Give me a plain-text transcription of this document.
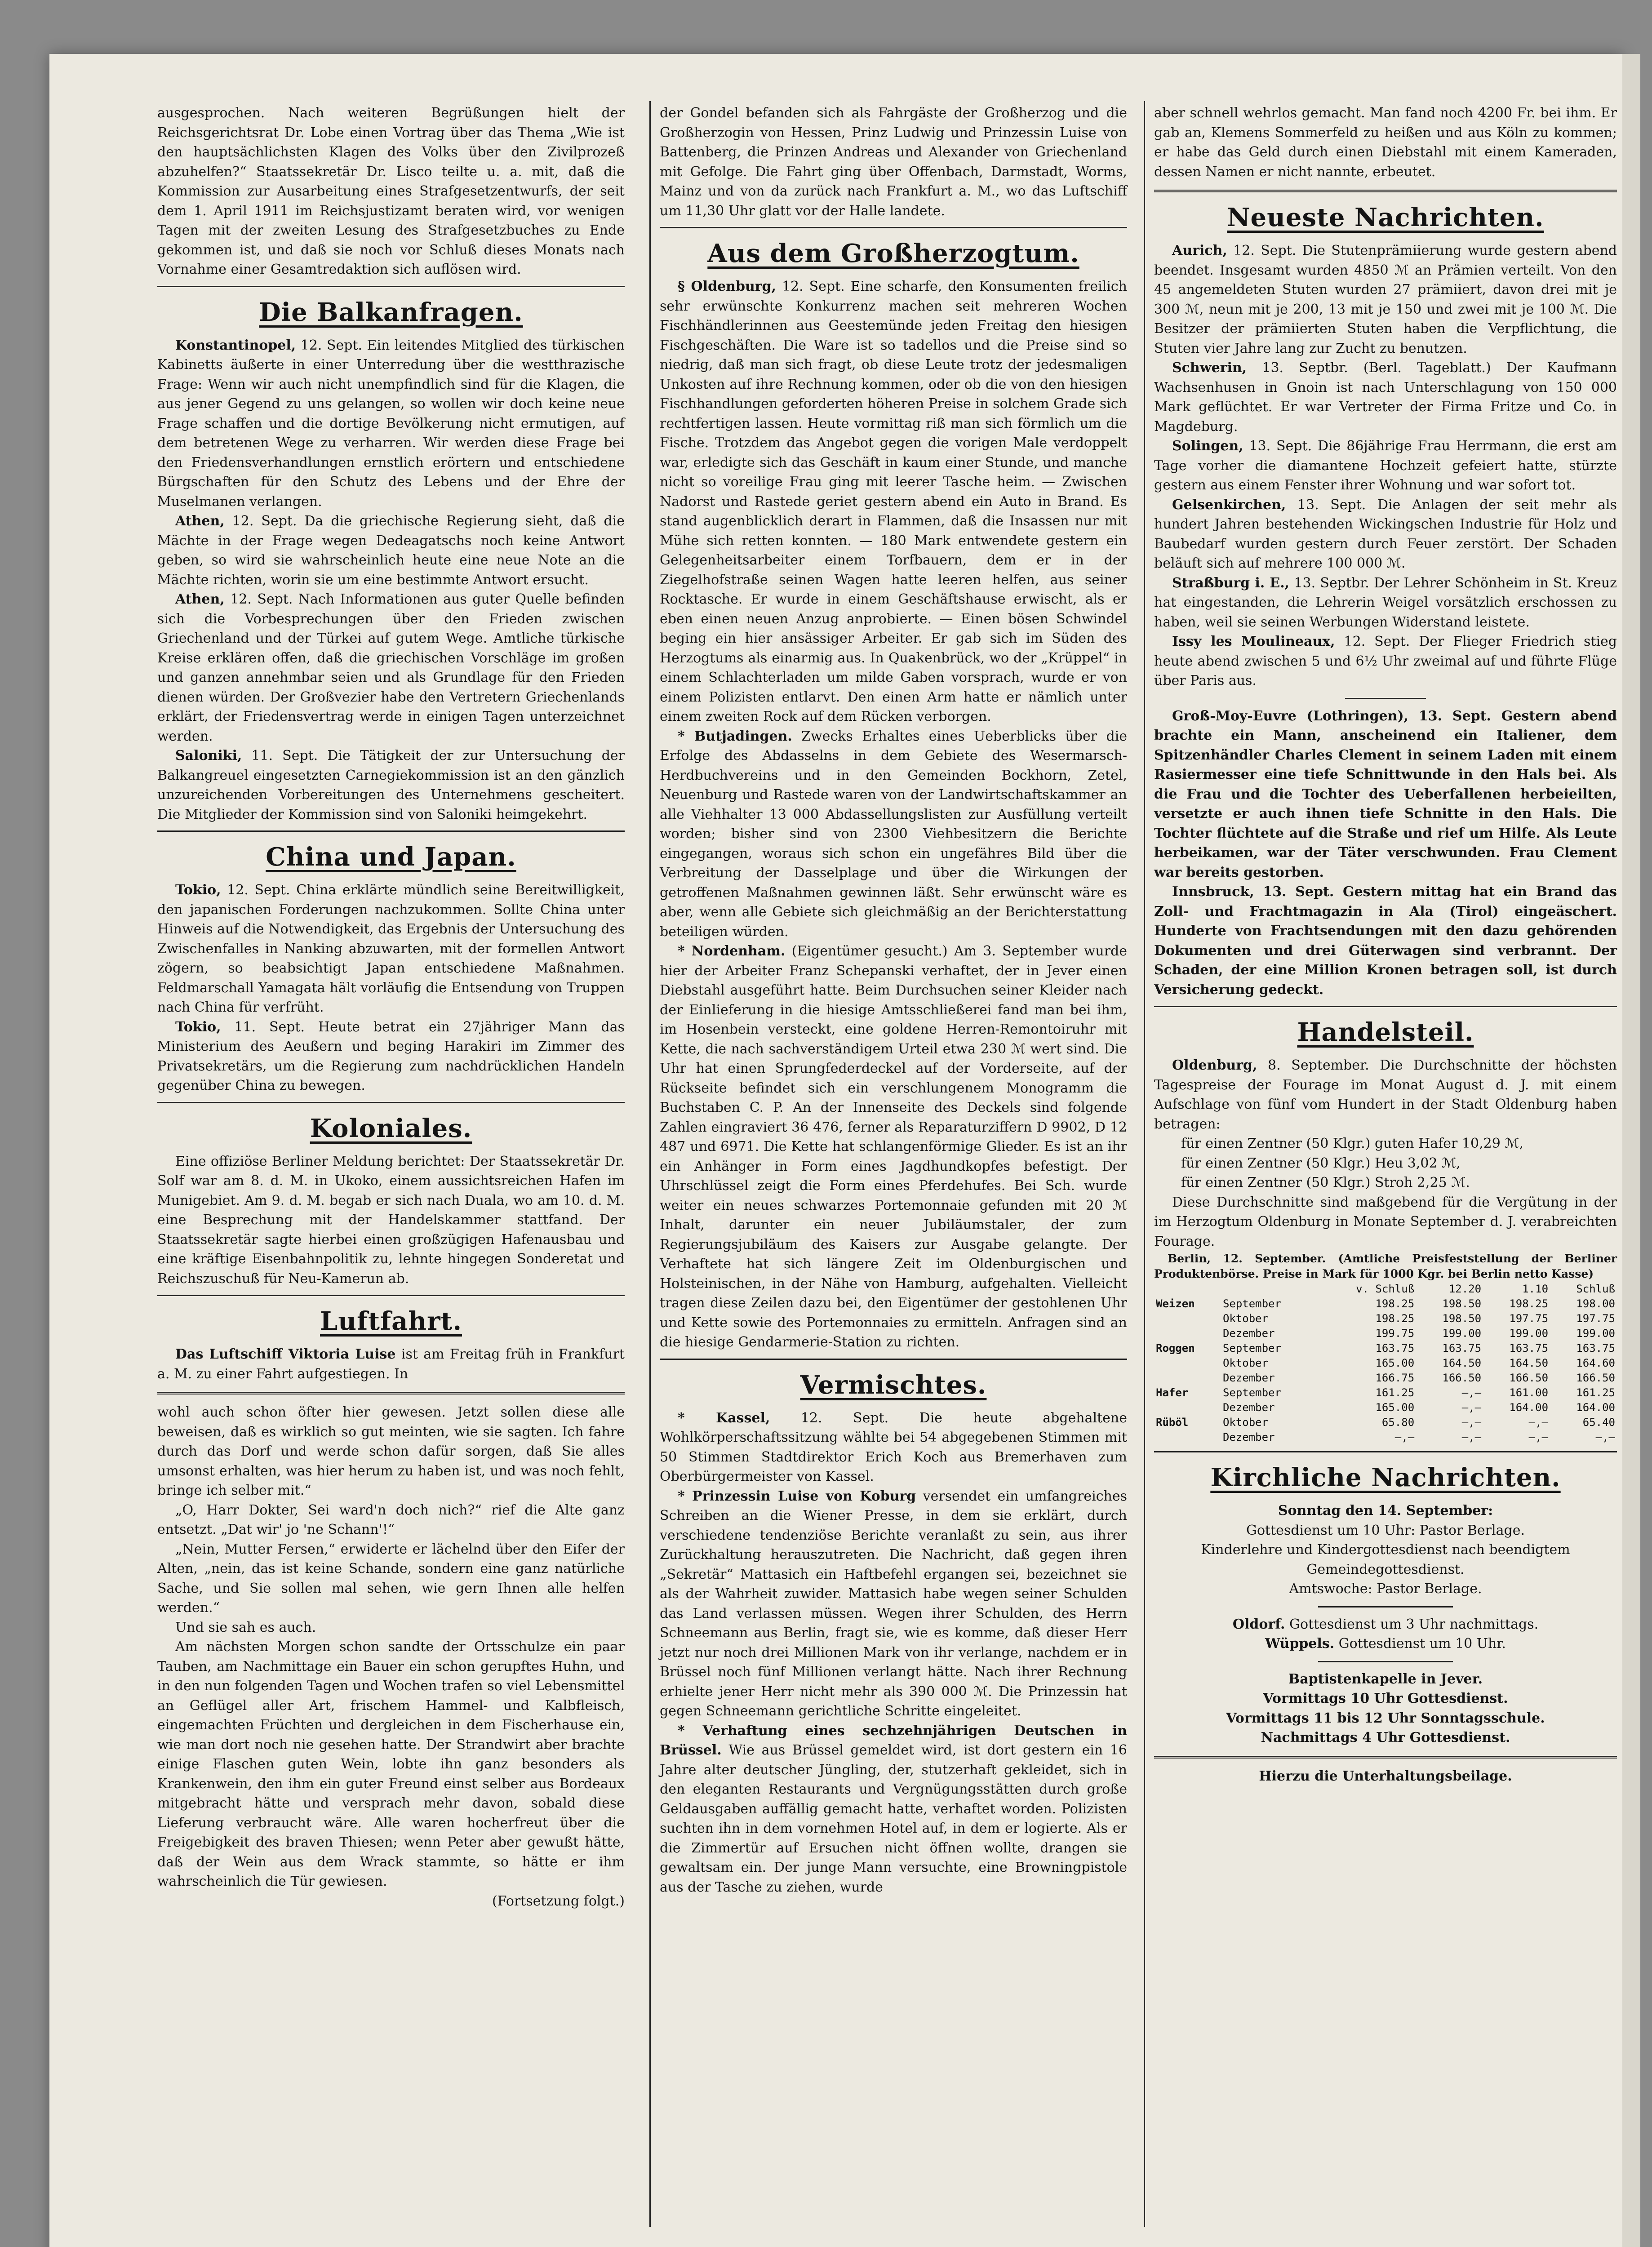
ausgesprochen. Nach weiteren Begrüßungen hielt der Reichsgerichtsrat Dr. Lobe einen Vortrag über das Thema „Wie ist den hauptsächlichsten Klagen des Volks über den Zivilprozeß abzuhelfen?“ Staatssekretär Dr. Lisco teilte u. a. mit, daß die Kommission zur Ausarbeitung eines Strafgesetzentwurfs, der seit dem 1. April 1911 im Reichsjustizamt beraten wird, vor wenigen Tagen mit der zweiten Lesung des Strafgesetzbuches zu Ende gekommen ist, und daß sie noch vor Schluß dieses Monats nach Vornahme einer Gesamtredaktion sich auflösen wird.

Die Balkanfragen.

Konstantinopel, 12. Sept. Ein leitendes Mitglied des türkischen Kabinetts äußerte in einer Unterredung über die westthrazische Frage: Wenn wir auch nicht unempfindlich sind für die Klagen, die aus jener Gegend zu uns gelangen, so wollen wir doch keine neue Frage schaffen und die dortige Bevölkerung nicht ermutigen, auf dem betretenen Wege zu verharren. Wir werden diese Frage bei den Friedensverhandlungen ernstlich erörtern und entschiedene Bürgschaften für den Schutz des Lebens und der Ehre der Muselmanen verlangen.

Athen, 12. Sept. Da die griechische Regierung sieht, daß die Mächte in der Frage wegen Dedeagatschs noch keine Antwort geben, so wird sie wahrscheinlich heute eine neue Note an die Mächte richten, worin sie um eine bestimmte Antwort ersucht.

Athen, 12. Sept. Nach Informationen aus guter Quelle befinden sich die Vorbesprechungen über den Frieden zwischen Griechenland und der Türkei auf gutem Wege. Amtliche türkische Kreise erklären offen, daß die griechischen Vorschläge im großen und ganzen annehmbar seien und als Grundlage für den Frieden dienen würden. Der Großvezier habe den Vertretern Griechenlands erklärt, der Friedensvertrag werde in einigen Tagen unterzeichnet werden.

Saloniki, 11. Sept. Die Tätigkeit der zur Untersuchung der Balkangreuel eingesetzten Carnegiekommission ist an den gänzlich unzureichenden Vorbereitungen des Unternehmens gescheitert. Die Mitglieder der Kommission sind von Saloniki heimgekehrt.

China und Japan.

Tokio, 12. Sept. China erklärte mündlich seine Bereitwilligkeit, den japanischen Forderungen nachzukommen. Sollte China unter Hinweis auf die Notwendigkeit, das Ergebnis der Untersuchung des Zwischenfalles in Nanking abzuwarten, mit der formellen Antwort zögern, so beabsichtigt Japan entschiedene Maßnahmen. Feldmarschall Yamagata hält vorläufig die Entsendung von Truppen nach China für verfrüht.

Tokio, 11. Sept. Heute betrat ein 27jähriger Mann das Ministerium des Aeußern und beging Harakiri im Zimmer des Privatsekretärs, um die Regierung zum nachdrücklichen Handeln gegenüber China zu bewegen.

Koloniales.

Eine offiziöse Berliner Meldung berichtet: Der Staatssekretär Dr. Solf war am 8. d. M. in Ukoko, einem aussichtsreichen Hafen im Munigebiet. Am 9. d. M. begab er sich nach Duala, wo am 10. d. M. eine Besprechung mit der Handelskammer stattfand. Der Staatssekretär sagte hierbei einen großzügigen Hafenausbau und eine kräftige Eisenbahnpolitik zu, lehnte hingegen Sonderetat und Reichszuschuß für Neu-Kamerun ab.

Luftfahrt.

Das Luftschiff Viktoria Luise ist am Freitag früh in Frankfurt a. M. zu einer Fahrt aufgestiegen. In

wohl auch schon öfter hier gewesen. Jetzt sollen diese alle beweisen, daß es wirklich so gut meinten, wie sie sagten. Ich fahre durch das Dorf und werde schon dafür sorgen, daß Sie alles umsonst erhalten, was hier herum zu haben ist, und was noch fehlt, bringe ich selber mit.“

„O, Harr Dokter, Sei ward'n doch nich?“ rief die Alte ganz entsetzt. „Dat wir' jo 'ne Schann'!“

„Nein, Mutter Fersen,“ erwiderte er lächelnd über den Eifer der Alten, „nein, das ist keine Schande, sondern eine ganz natürliche Sache, und Sie sollen mal sehen, wie gern Ihnen alle helfen werden.“

Und sie sah es auch.

Am nächsten Morgen schon sandte der Ortsschulze ein paar Tauben, am Nachmittage ein Bauer ein schon gerupftes Huhn, und in den nun folgenden Tagen und Wochen trafen so viel Lebensmittel an Geflügel aller Art, frischem Hammel- und Kalbfleisch, eingemachten Früchten und dergleichen in dem Fischerhause ein, wie man dort noch nie gesehen hatte. Der Strandwirt aber brachte einige Flaschen guten Wein, lobte ihn ganz besonders als Krankenwein, den ihm ein guter Freund einst selber aus Bordeaux mitgebracht hätte und versprach mehr davon, sobald diese Lieferung verbraucht wäre. Alle waren hocherfreut über die Freigebigkeit des braven Thiesen; wenn Peter aber gewußt hätte, daß der Wein aus dem Wrack stammte, so hätte er ihm wahrscheinlich die Tür gewiesen.

(Fortsetzung folgt.)

der Gondel befanden sich als Fahrgäste der Großherzog und die Großherzogin von Hessen, Prinz Ludwig und Prinzessin Luise von Battenberg, die Prinzen Andreas und Alexander von Griechenland mit Gefolge. Die Fahrt ging über Offenbach, Darmstadt, Worms, Mainz und von da zurück nach Frankfurt a. M., wo das Luftschiff um 11,30 Uhr glatt vor der Halle landete.

Aus dem Großherzogtum.

§ Oldenburg, 12. Sept. Eine scharfe, den Konsumenten freilich sehr erwünschte Konkurrenz machen seit mehreren Wochen Fischhändlerinnen aus Geestemünde jeden Freitag den hiesigen Fischgeschäften. Die Ware ist so tadellos und die Preise sind so niedrig, daß man sich fragt, ob diese Leute trotz der jedesmaligen Unkosten auf ihre Rechnung kommen, oder ob die von den hiesigen Fischhandlungen geforderten höheren Preise in solchem Grade sich rechtfertigen lassen. Heute vormittag riß man sich förmlich um die Fische. Trotzdem das Angebot gegen die vorigen Male verdoppelt war, erledigte sich das Geschäft in kaum einer Stunde, und manche nicht so voreilige Frau ging mit leerer Tasche heim. — Zwischen Nadorst und Rastede geriet gestern abend ein Auto in Brand. Es stand augenblicklich derart in Flammen, daß die Insassen nur mit Mühe sich retten konnten. — 180 Mark entwendete gestern ein Gelegenheitsarbeiter einem Torfbauern, dem er in der Ziegelhofstraße seinen Wagen hatte leeren helfen, aus seiner Rocktasche. Er wurde in einem Geschäftshause erwischt, als er eben einen neuen Anzug anprobierte. — Einen bösen Schwindel beging ein hier ansässiger Arbeiter. Er gab sich im Süden des Herzogtums als einarmig aus. In Quakenbrück, wo der „Krüppel“ in einem Schlachterladen um milde Gaben vorsprach, wurde er von einem Polizisten entlarvt. Den einen Arm hatte er nämlich unter einem zweiten Rock auf dem Rücken verborgen.

* Butjadingen. Zwecks Erhaltes eines Ueberblicks über die Erfolge des Abdasselns in dem Gebiete des Wesermarsch-Herdbuchvereins und in den Gemeinden Bockhorn, Zetel, Neuenburg und Rastede waren von der Landwirtschaftskammer an alle Viehhalter 13 000 Abdassellungslisten zur Ausfüllung verteilt worden; bisher sind von 2300 Viehbesitzern die Berichte eingegangen, woraus sich schon ein ungefähres Bild über die Verbreitung der Dasselplage und über die Wirkungen der getroffenen Maßnahmen gewinnen läßt. Sehr erwünscht wäre es aber, wenn alle Gebiete sich gleichmäßig an der Berichterstattung beteiligen würden.

* Nordenham. (Eigentümer gesucht.) Am 3. September wurde hier der Arbeiter Franz Schepanski verhaftet, der in Jever einen Diebstahl ausgeführt hatte. Beim Durchsuchen seiner Kleider nach der Einlieferung in die hiesige Amtsschließerei fand man bei ihm, im Hosenbein versteckt, eine goldene Herren-Remontoiruhr mit Kette, die nach sachverständigem Urteil etwa 230 ℳ wert sind. Die Uhr hat einen Sprungfederdeckel auf der Vorderseite, auf der Rückseite befindet sich ein verschlungenem Monogramm die Buchstaben C. P. An der Innenseite des Deckels sind folgende Zahlen eingraviert 36 476, ferner als Reparaturziffern D 9902, D 12 487 und 6971. Die Kette hat schlangenförmige Glieder. Es ist an ihr ein Anhänger in Form eines Jagdhundkopfes befestigt. Der Uhrschlüssel zeigt die Form eines Pferdehufes. Bei Sch. wurde weiter ein neues schwarzes Portemonnaie gefunden mit 20 ℳ Inhalt, darunter ein neuer Jubiläumstaler, der zum Regierungsjubiläum des Kaisers zur Ausgabe gelangte. Der Verhaftete hat sich längere Zeit im Oldenburgischen und Holsteinischen, in der Nähe von Hamburg, aufgehalten. Vielleicht tragen diese Zeilen dazu bei, den Eigentümer der gestohlenen Uhr und Kette sowie des Portemonnaies zu ermitteln. Anfragen sind an die hiesige Gendarmerie-Station zu richten.

Vermischtes.

* Kassel, 12. Sept. Die heute abgehaltene Wohlkörperschaftssitzung wählte bei 54 abgegebenen Stimmen mit 50 Stimmen Stadtdirektor Erich Koch aus Bremerhaven zum Oberbürgermeister von Kassel.

* Prinzessin Luise von Koburg versendet ein umfangreiches Schreiben an die Wiener Presse, in dem sie erklärt, durch verschiedene tendenziöse Berichte veranlaßt zu sein, aus ihrer Zurückhaltung herauszutreten. Die Nachricht, daß gegen ihren „Sekretär“ Mattasich ein Haftbefehl ergangen sei, bezeichnet sie als der Wahrheit zuwider. Mattasich habe wegen seiner Schulden das Land verlassen müssen. Wegen ihrer Schulden, des Herrn Schneemann aus Berlin, fragt sie, wie es komme, daß dieser Herr jetzt nur noch drei Millionen Mark von ihr verlange, nachdem er in Brüssel noch fünf Millionen verlangt hätte. Nach ihrer Rechnung erhielte jener Herr nicht mehr als 390 000 ℳ. Die Prinzessin hat gegen Schneemann gerichtliche Schritte eingeleitet.

* Verhaftung eines sechzehnjährigen Deutschen in Brüssel. Wie aus Brüssel gemeldet wird, ist dort gestern ein 16 Jahre alter deutscher Jüngling, der, stutzerhaft gekleidet, sich in den eleganten Restaurants und Vergnügungsstätten durch große Geldausgaben auffällig gemacht hatte, verhaftet worden. Polizisten suchten ihn in dem vornehmen Hotel auf, in dem er logierte. Als er die Zimmertür auf Ersuchen nicht öffnen wollte, drangen sie gewaltsam ein. Der junge Mann versuchte, eine Browningpistole aus der Tasche zu ziehen, wurde

aber schnell wehrlos gemacht. Man fand noch 4200 Fr. bei ihm. Er gab an, Klemens Sommerfeld zu heißen und aus Köln zu kommen; er habe das Geld durch einen Diebstahl mit einem Kameraden, dessen Namen er nicht nannte, erbeutet.

Neueste Nachrichten.

Aurich, 12. Sept. Die Stutenprämiierung wurde gestern abend beendet. Insgesamt wurden 4850 ℳ an Prämien verteilt. Von den 45 angemeldeten Stuten wurden 27 prämiiert, davon drei mit je 300 ℳ, neun mit je 200, 13 mit je 150 und zwei mit je 100 ℳ. Die Besitzer der prämiierten Stuten haben die Verpflichtung, die Stuten vier Jahre lang zur Zucht zu benutzen.

Schwerin, 13. Septbr. (Berl. Tageblatt.) Der Kaufmann Wachsenhusen in Gnoin ist nach Unterschlagung von 150 000 Mark geflüchtet. Er war Vertreter der Firma Fritze und Co. in Magdeburg.

Solingen, 13. Sept. Die 86jährige Frau Herrmann, die erst am Tage vorher die diamantene Hochzeit gefeiert hatte, stürzte gestern aus einem Fenster ihrer Wohnung und war sofort tot.

Gelsenkirchen, 13. Sept. Die Anlagen der seit mehr als hundert Jahren bestehenden Wickingschen Industrie für Holz und Baubedarf wurden gestern durch Feuer zerstört. Der Schaden beläuft sich auf mehrere 100 000 ℳ.

Straßburg i. E., 13. Septbr. Der Lehrer Schönheim in St. Kreuz hat eingestanden, die Lehrerin Weigel vorsätzlich erschossen zu haben, weil sie seinen Werbungen Widerstand leistete.

Issy les Moulineaux, 12. Sept. Der Flieger Friedrich stieg heute abend zwischen 5 und 6½ Uhr zweimal auf und führte Flüge über Paris aus.

Groß-Moy-Euvre (Lothringen), 13. Sept. Gestern abend brachte ein Mann, anscheinend ein Italiener, dem Spitzenhändler Charles Clement in seinem Laden mit einem Rasiermesser eine tiefe Schnittwunde in den Hals bei. Als die Frau und die Tochter des Ueberfallenen herbeieilten, versetzte er auch ihnen tiefe Schnitte in den Hals. Die Tochter flüchtete auf die Straße und rief um Hilfe. Als Leute herbeikamen, war der Täter verschwunden. Frau Clement war bereits gestorben.

Innsbruck, 13. Sept. Gestern mittag hat ein Brand das Zoll- und Frachtmagazin in Ala (Tirol) eingeäschert. Hunderte von Frachtsendungen mit den dazu gehörenden Dokumenten und drei Güterwagen sind verbrannt. Der Schaden, der eine Million Kronen betragen soll, ist durch Versicherung gedeckt.

Handelsteil.

Oldenburg, 8. September. Die Durchschnitte der höchsten Tagespreise der Fourage im Monat August d. J. mit einem Aufschlage von fünf vom Hundert in der Stadt Oldenburg haben betragen:

für einen Zentner (50 Klgr.) guten Hafer 10,29 ℳ,

für einen Zentner (50 Klgr.) Heu 3,02 ℳ,

für einen Zentner (50 Klgr.) Stroh 2,25 ℳ.

Diese Durchschnitte sind maßgebend für die Vergütung in der im Herzogtum Oldenburg in Monate September d. J. verabreichten Fourage.

Berlin, 12. September. (Amtliche Preisfeststellung der Berliner Produktenbörse. Preise in Mark für 1000 Kgr. bei Berlin netto Kasse)

		v. Schluß	12.20	1.10	Schluß
Weizen	September	198.25	198.50	198.25	198.00
	Oktober	198.25	198.50	197.75	197.75
	Dezember	199.75	199.00	199.00	199.00
Roggen	September	163.75	163.75	163.75	163.75
	Oktober	165.00	164.50	164.50	164.60
	Dezember	166.75	166.50	166.50	166.50
Hafer	September	161.25	—,—	161.00	161.25
	Dezember	165.00	—,—	164.00	164.00
Rüböl	Oktober	65.80	—,—	—,—	65.40
	Dezember	—,—	—,—	—,—	—,—
Kirchliche Nachrichten.

Sonntag den 14. September:

Gottesdienst um 10 Uhr: Pastor Berlage.

Kinderlehre und Kindergottesdienst nach beendigtem Gemeindegottesdienst.

Amtswoche: Pastor Berlage.

Oldorf. Gottesdienst um 3 Uhr nachmittags.

Wüppels. Gottesdienst um 10 Uhr.

Baptistenkapelle in Jever.

Vormittags 10 Uhr Gottesdienst.

Vormittags 11 bis 12 Uhr Sonntagsschule.

Nachmittags 4 Uhr Gottesdienst.

Hierzu die Unterhaltungsbeilage.
